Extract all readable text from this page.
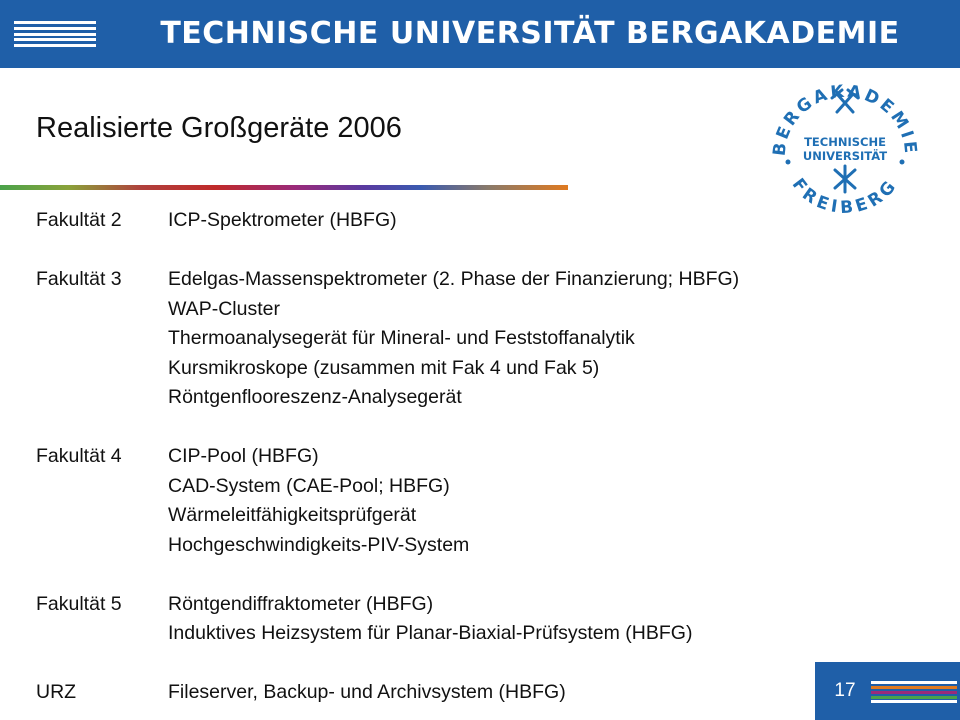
TECHNISCHE UNIVERSITÄT BERGAKADEMIE FREIBERG
Realisierte Großgeräte 2006
BERGAKADEMIE
FREIBERG
TECHNISCHE
UNIVERSITÄT
Fakultät 2	ICP-Spektrometer (HBFG)
Fakultät 3	Edelgas-Massenspektrometer (2. Phase der Finanzierung; HBFG)
WAP-Cluster
Thermoanalysegerät für Mineral- und Feststoffanalytik
Kursmikroskope (zusammen mit Fak 4 und Fak 5)
Röntgenflooreszenz-Analysegerät
Fakultät 4	CIP-Pool (HBFG)
CAD-System (CAE-Pool; HBFG)
Wärmeleitfähigkeitsprüfgerät
Hochgeschwindigkeits-PIV-System
Fakultät 5	Röntgendiffraktometer (HBFG)
Induktives Heizsystem für Planar-Biaxial-Prüfsystem (HBFG)
URZ	Fileserver, Backup- und Archivsystem (HBFG)	17
